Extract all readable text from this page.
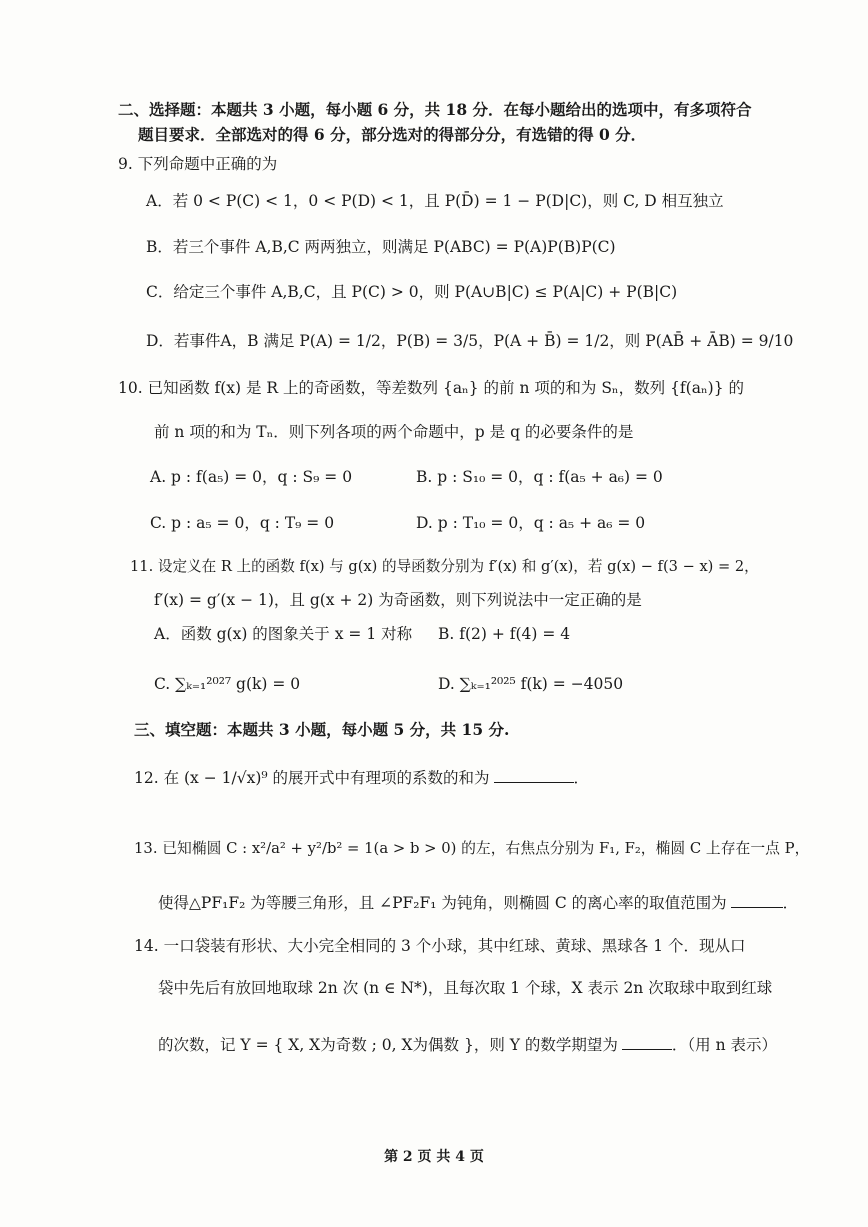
二、选择题：本题共 3 小题，每小题 6 分，共 18 分．在每小题给出的选项中，有多项符合
题目要求．全部选对的得 6 分，部分选对的得部分分，有选错的得 0 分．
9. 下列命题中正确的为
A．若 0 < P(C) < 1，0 < P(D) < 1，且 P(D̄) = 1 − P(D|C)，则 C, D 相互独立
B．若三个事件 A,B,C 两两独立，则满足 P(ABC) = P(A)P(B)P(C)
C．给定三个事件 A,B,C，且 P(C) > 0，则 P(A∪B|C) ≤ P(A|C) + P(B|C)
D．若事件A，B 满足 P(A) = 1/2，P(B) = 3/5，P(A + B̄) = 1/2，则 P(AB̄ + ĀB) = 9/10
10. 已知函数 f(x) 是 R 上的奇函数，等差数列 {aₙ} 的前 n 项的和为 Sₙ，数列 {f(aₙ)} 的
前 n 项的和为 Tₙ．则下列各项的两个命题中，p 是 q 的必要条件的是
A. p : f(a₅) = 0，q : S₉ = 0	B. p : S₁₀ = 0，q : f(a₅ + a₆) = 0
C. p : a₅ = 0，q : T₉ = 0	D. p : T₁₀ = 0，q : a₅ + a₆ = 0
11. 设定义在 R 上的函数 f(x) 与 g(x) 的导函数分别为 f′(x) 和 g′(x)，若 g(x) − f(3 − x) = 2，
f′(x) = g′(x − 1)，且 g(x + 2) 为奇函数，则下列说法中一定正确的是
A．函数 g(x) 的图象关于 x = 1 对称 B. f(2) + f(4) = 4
C. ∑ₖ₌₁²⁰²⁷ g(k) = 0	D. ∑ₖ₌₁²⁰²⁵ f(k) = −4050
三、填空题：本题共 3 小题，每小题 5 分，共 15 分.
12. 在 (x − 1/√x)⁹ 的展开式中有理项的系数的和为	．
13. 已知椭圆 C : x²/a² + y²/b² = 1(a > b > 0) 的左，右焦点分别为 F₁, F₂，椭圆 C 上存在一点 P，
使得△PF₁F₂ 为等腰三角形，且 ∠PF₂F₁ 为钝角，则椭圆 C 的离心率的取值范围为	．
14. 一口袋装有形状、大小完全相同的 3 个小球，其中红球、黄球、黑球各 1 个．现从口
袋中先后有放回地取球 2n 次 (n ∈ N*)，且每次取 1 个球，X 表示 2n 次取球中取到红球
的次数，记 Y = { X, X为奇数 ; 0, X为偶数 }，则 Y 的数学期望为	．（用 n 表示）
第 2 页 共 4 页
